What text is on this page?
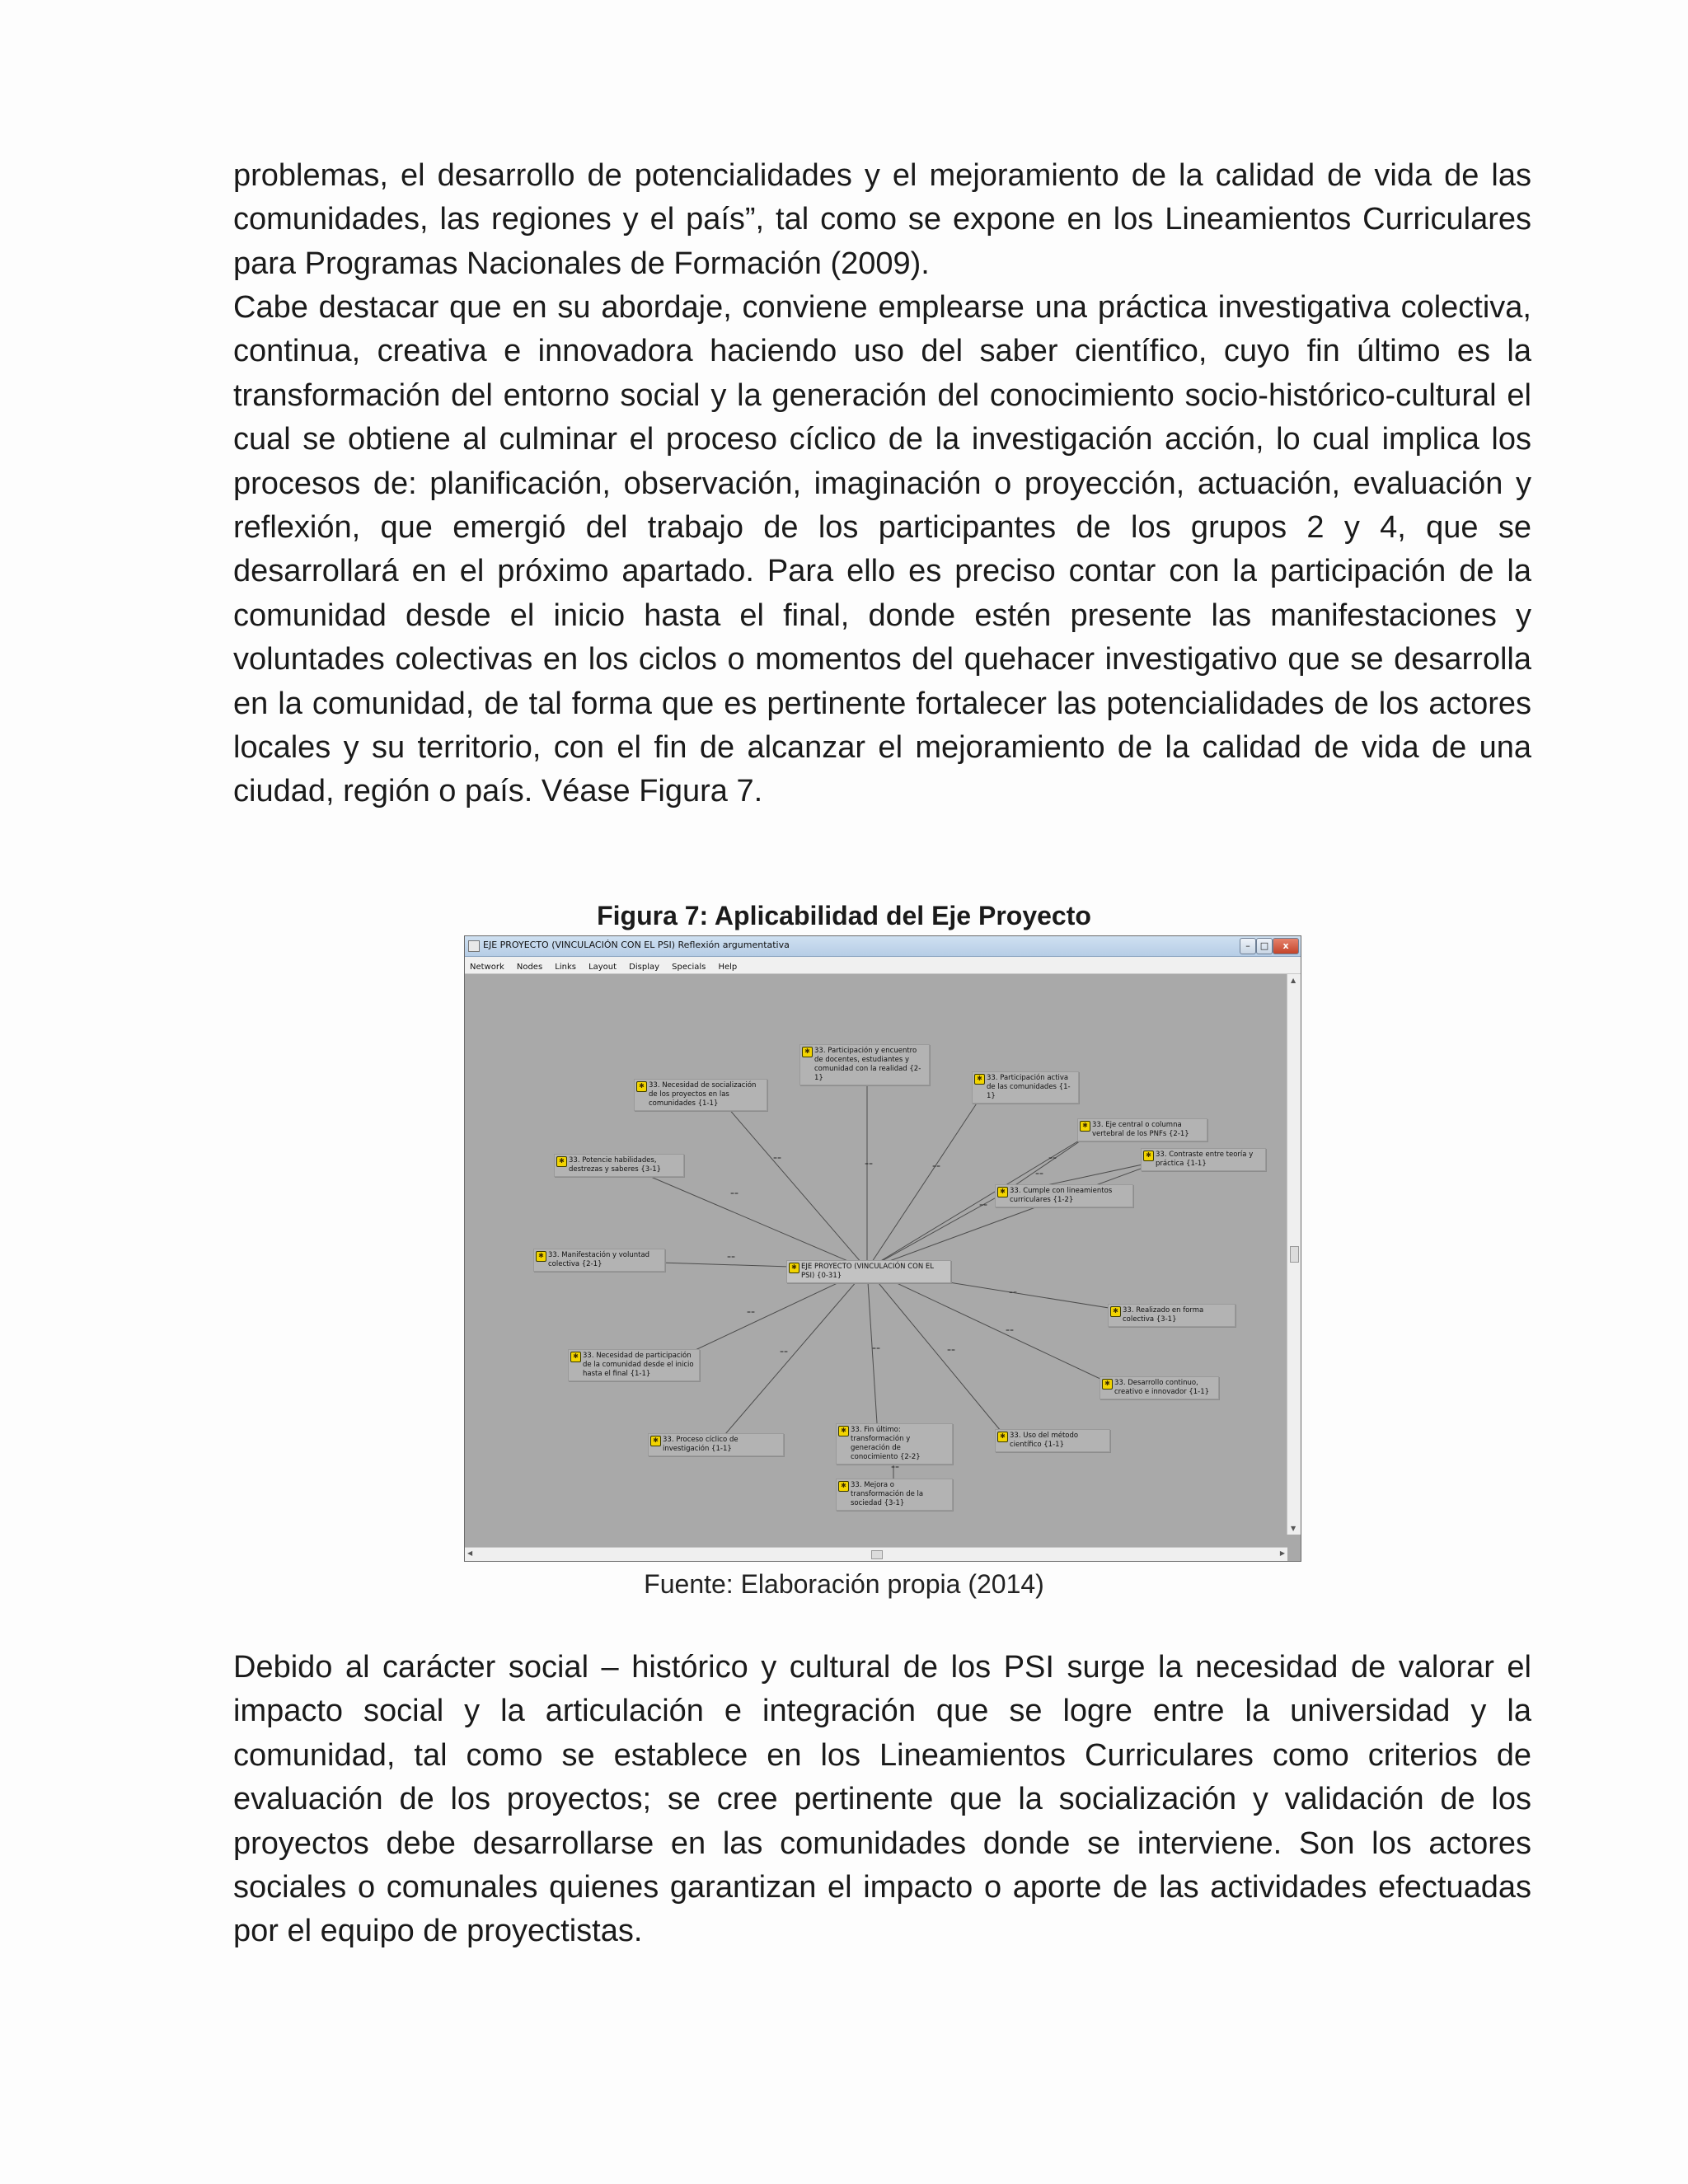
problemas, el desarrollo de potencialidades y el mejoramiento de la calidad de vida de las comunidades, las regiones y el país”, tal como se expone en los Lineamientos Curriculares para Programas Nacionales de Formación (2009).

Cabe destacar que en su abordaje, conviene emplearse una práctica investigativa colectiva, continua, creativa e innovadora haciendo uso del saber científico, cuyo fin último es la transformación del entorno social y la generación del conocimiento socio-histórico-cultural el cual se obtiene al culminar el proceso cíclico de la investigación acción, lo cual implica los procesos de: planificación, observación, imaginación o proyección, actuación, evaluación y reflexión, que emergió del trabajo de los participantes de los grupos 2 y 4, que se desarrollará en el próximo apartado. Para ello es preciso contar con la participación de la comunidad desde el inicio hasta el final, donde estén presente las manifestaciones y voluntades colectivas en los ciclos o momentos del quehacer investigativo que se desarrolla en la comunidad, de tal forma que es pertinente fortalecer las potencialidades de los actores locales y su territorio, con el fin de alcanzar el mejoramiento de la calidad de vida de una ciudad, región o país. Véase Figura 7.

Figura 7: Aplicabilidad del Eje Proyecto

EJE PROYECTO (VINCULACIÓN CON EL PSI) Reflexión argumentativa	–	□	x
Network Nodes Links Layout Display Specials Help
==	==
==
==
==
==
==
==
==
==
==
==
==	==
==
✱ EJE PROYECTO (VINCULACIÓN CON EL PSI) {0-31}
✱ 33. Participación y encuentro de docentes, estudiantes y comunidad con la realidad {2-1}	✱ 33. Participación activa de las comunidades {1-1}
✱ 33. Necesidad de socialización de los proyectos en las comunidades {1-1}
✱ 33. Eje central o columna vertebral de los PNFs {2-1}
✱ 33. Contraste entre teoría y práctica {1-1}
✱ 33. Potencie habilidades, destrezas y saberes {3-1}
✱ 33. Cumple con lineamientos curriculares {1-2}
✱ 33. Manifestación y voluntad colectiva {2-1}
✱ 33. Realizado en forma colectiva {3-1}
✱ 33. Necesidad de participación de la comunidad desde el inicio hasta el final {1-1}
✱ 33. Desarrollo continuo, creativo e innovador {1-1}
✱ 33. Proceso cíclico de investigación {1-1}
✱ 33. Fin último: transformación y generación de conocimiento {2-2}
✱ 33. Uso del método científico {1-1}
✱ 33. Mejora o transformación de la sociedad {3-1}
▲
▼
◀	▶

Fuente: Elaboración propia (2014)

Debido al carácter social – histórico y cultural de los PSI surge la necesidad de valorar el impacto social y la articulación e integración que se logre entre la universidad y la comunidad, tal como se establece en los Lineamientos Curriculares como criterios de evaluación de los proyectos; se cree pertinente que la socialización y validación de los proyectos debe desarrollarse en las comunidades donde se interviene. Son los actores sociales o comunales quienes garantizan el impacto o aporte de las actividades efectuadas por el equipo de proyectistas.
